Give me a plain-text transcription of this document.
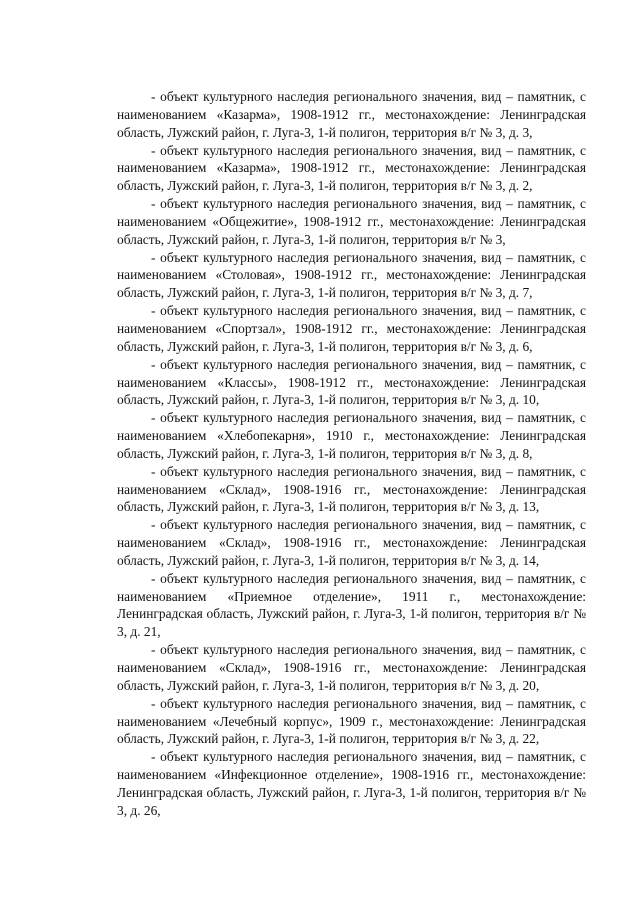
- объект культурного наследия регионального значения, вид – памятник, с наименованием «Казарма», 1908-1912 гг., местонахождение: Ленинградская область, Лужский район, г. Луга-3, 1-й полигон, территория в/г № 3, д. 3,

- объект культурного наследия регионального значения, вид – памятник, с наименованием «Казарма», 1908-1912 гг., местонахождение: Ленинградская область, Лужский район, г. Луга-3, 1-й полигон, территория в/г № 3, д. 2,

- объект культурного наследия регионального значения, вид – памятник, с наименованием «Общежитие», 1908-1912 гг., местонахождение: Ленинградская область, Лужский район, г. Луга-3, 1-й полигон, территория в/г № 3,

- объект культурного наследия регионального значения, вид – памятник, с наименованием «Столовая», 1908-1912 гг., местонахождение: Ленинградская область, Лужский район, г. Луга-3, 1-й полигон, территория в/г № 3, д. 7,

- объект культурного наследия регионального значения, вид – памятник, с наименованием «Спортзал», 1908-1912 гг., местонахождение: Ленинградская область, Лужский район, г. Луга-3, 1-й полигон, территория в/г № 3, д. 6,

- объект культурного наследия регионального значения, вид – памятник, с наименованием «Классы», 1908-1912 гг., местонахождение: Ленинградская область, Лужский район, г. Луга-3, 1-й полигон, территория в/г № 3, д. 10,

- объект культурного наследия регионального значения, вид – памятник, с наименованием «Хлебопекарня», 1910 г., местонахождение: Ленинградская область, Лужский район, г. Луга-3, 1-й полигон, территория в/г № 3, д. 8,

- объект культурного наследия регионального значения, вид – памятник, с наименованием «Склад», 1908-1916 гг., местонахождение: Ленинградская область, Лужский район, г. Луга-3, 1-й полигон, территория в/г № 3, д. 13,

- объект культурного наследия регионального значения, вид – памятник, с наименованием «Склад», 1908-1916 гг., местонахождение: Ленинградская область, Лужский район, г. Луга-3, 1-й полигон, территория в/г № 3, д. 14,

- объект культурного наследия регионального значения, вид – памятник, с наименованием «Приемное отделение», 1911 г., местонахождение: Ленинградская область, Лужский район, г. Луга-3, 1-й полигон, территория в/г № 3, д. 21,

- объект культурного наследия регионального значения, вид – памятник, с наименованием «Склад», 1908-1916 гг., местонахождение: Ленинградская область, Лужский район, г. Луга-3, 1-й полигон, территория в/г № 3, д. 20,

- объект культурного наследия регионального значения, вид – памятник, с наименованием «Лечебный корпус», 1909 г., местонахождение: Ленинградская область, Лужский район, г. Луга-3, 1-й полигон, территория в/г № 3, д. 22,

- объект культурного наследия регионального значения, вид – памятник, с наименованием «Инфекционное отделение», 1908-1916 гг., местонахождение: Ленинградская область, Лужский район, г. Луга-3, 1-й полигон, территория в/г № 3, д. 26,
